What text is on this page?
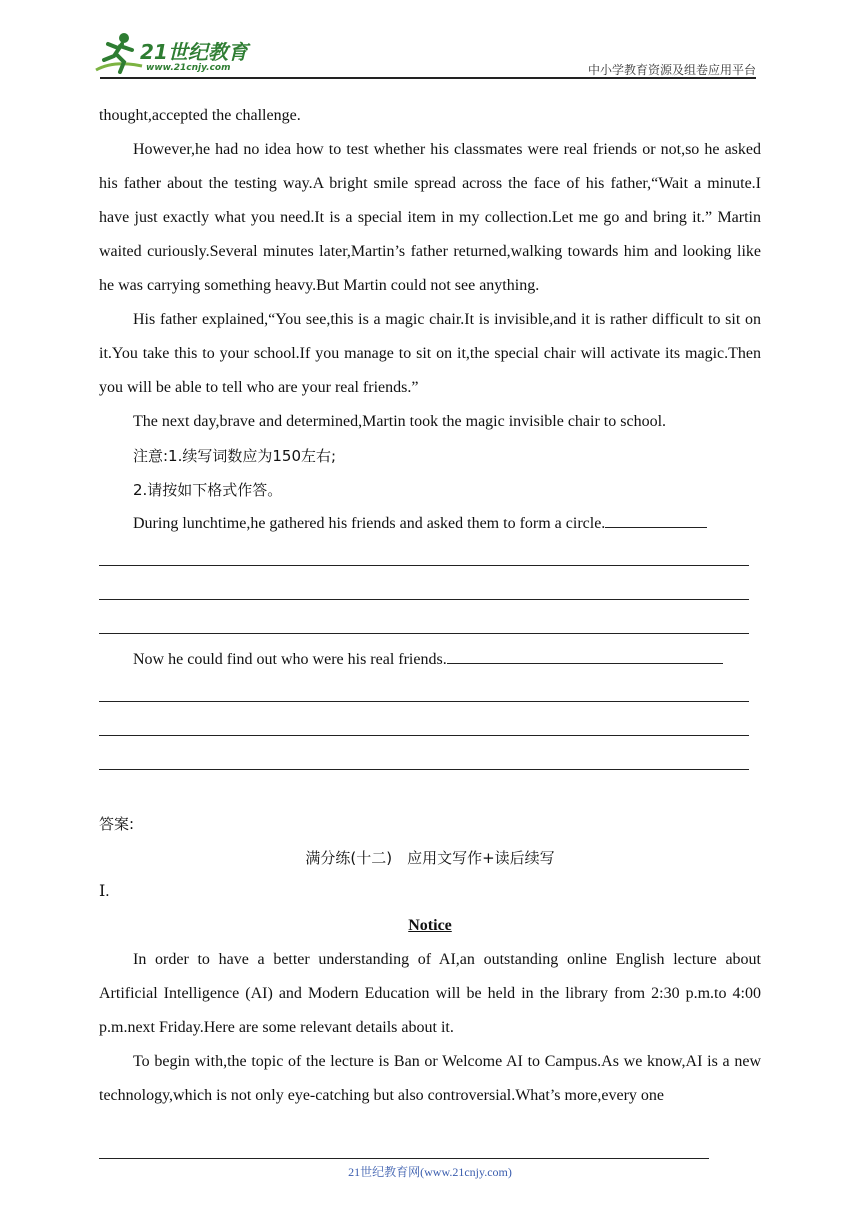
21世纪教育
www.21cnjy.com	中小学教育资源及组卷应用平台

thought,accepted the challenge.

However,he had no idea how to test whether his classmates were real friends or not,so he asked his father about the testing way.A bright smile spread across the face of his father,“Wait a minute.I have just exactly what you need.It is a special item in my collection.Let me go and bring it.” Martin waited curiously.Several minutes later,Martin’s father returned,walking towards him and looking like he was carrying something heavy.But Martin could not see anything.

His father explained,“You see,this is a magic chair.It is invisible,and it is rather difficult to sit on it.You take this to your school.If you manage to sit on it,the special chair will activate its magic.Then you will be able to tell who are your real friends.”

The next day,brave and determined,Martin took the magic invisible chair to school.

注意:1.续写词数应为150左右;

2.请按如下格式作答。

During lunchtime,he gathered his friends and asked them to form a circle.

Now he could find out who were his real friends.

答案:

满分练(十二)　应用文写作+读后续写

Ⅰ.

Notice

In order to have a better understanding of AI,an outstanding online English lecture about Artificial Intelligence (AI) and Modern Education will be held in the library from 2:30 p.m.to 4:00 p.m.next Friday.Here are some relevant details about it.

To begin with,the topic of the lecture is Ban or Welcome AI to Campus.As we know,AI is a new technology,which is not only eye-catching but also controversial.What’s more,every one

21世纪教育网(www.21cnjy.com)
